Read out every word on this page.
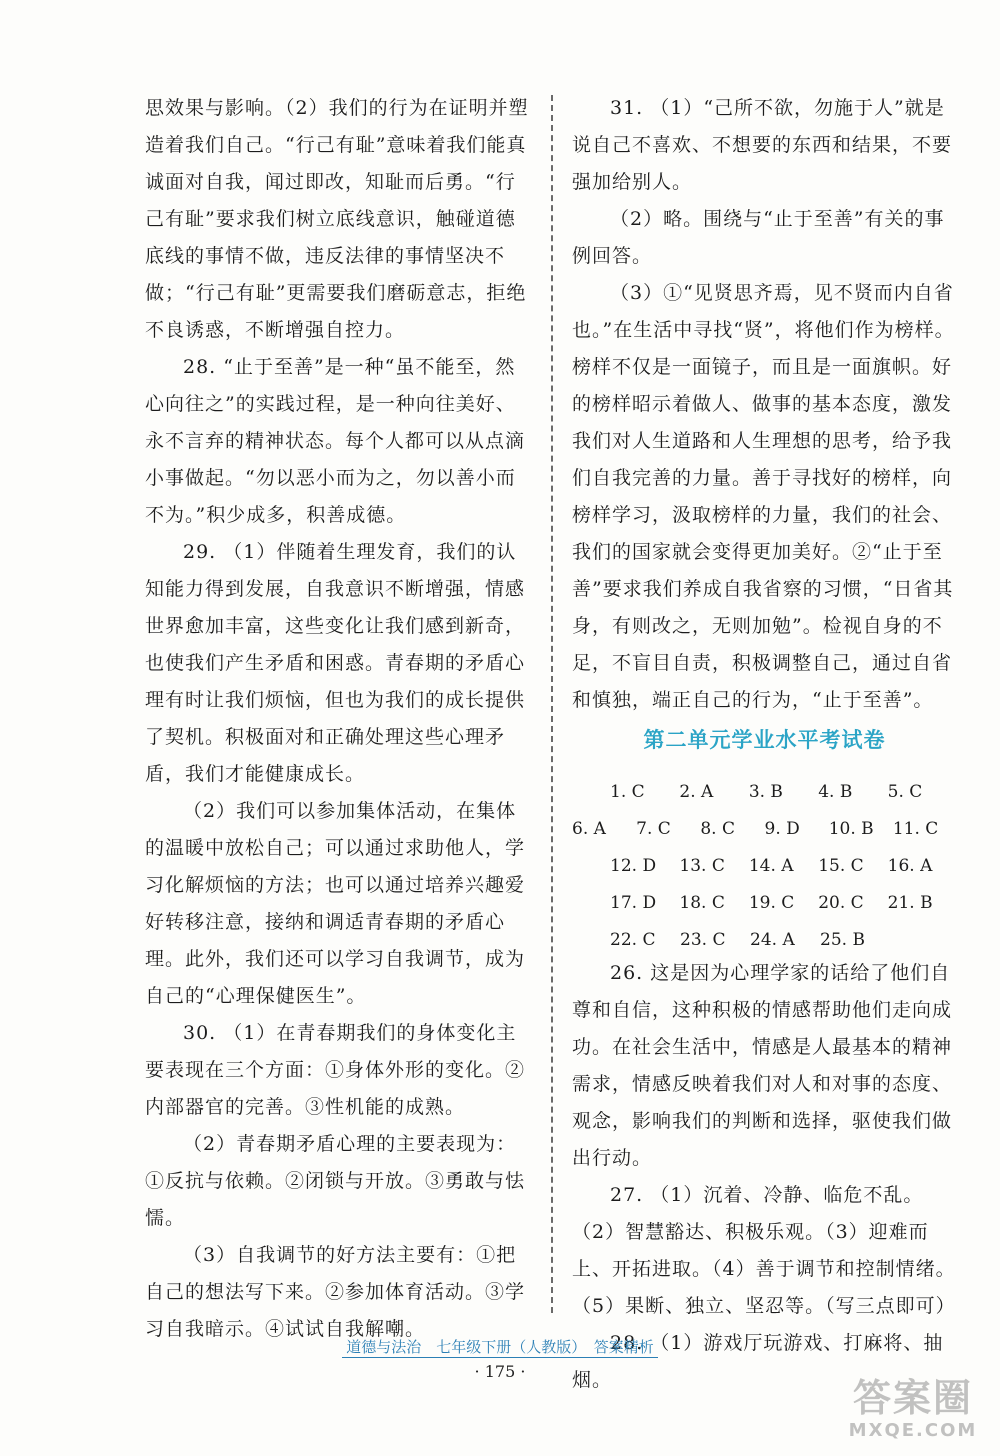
思效果与影响。（2）我们的行为在证明并塑造着我们自己。“行己有耻”意味着我们能真诚面对自我，闻过即改，知耻而后勇。“行己有耻”要求我们树立底线意识，触碰道德底线的事情不做，违反法律的事情坚决不做；“行己有耻”更需要我们磨砺意志，拒绝不良诱惑，不断增强自控力。

28. “止于至善”是一种“虽不能至，然心向往之”的实践过程，是一种向往美好、永不言弃的精神状态。每个人都可以从点滴小事做起。“勿以恶小而为之，勿以善小而不为。”积少成多，积善成德。

29. （1）伴随着生理发育，我们的认知能力得到发展，自我意识不断增强，情感世界愈加丰富，这些变化让我们感到新奇，也使我们产生矛盾和困惑。青春期的矛盾心理有时让我们烦恼，但也为我们的成长提供了契机。积极面对和正确处理这些心理矛盾，我们才能健康成长。

（2）我们可以参加集体活动，在集体的温暖中放松自己；可以通过求助他人，学习化解烦恼的方法；也可以通过培养兴趣爱好转移注意，接纳和调适青春期的矛盾心理。此外，我们还可以学习自我调节，成为自己的“心理保健医生”。

30. （1）在青春期我们的身体变化主要表现在三个方面：①身体外形的变化。②内部器官的完善。③性机能的成熟。

（2）青春期矛盾心理的主要表现为：①反抗与依赖。②闭锁与开放。③勇敢与怯懦。

（3）自我调节的好方法主要有：①把自己的想法写下来。②参加体育活动。③学习自我暗示。④试试自我解嘲。

31. （1）“己所不欲，勿施于人”就是说自己不喜欢、不想要的东西和结果，不要强加给别人。

（2）略。围绕与“止于至善”有关的事例回答。

（3）①“见贤思齐焉，见不贤而内自省也。”在生活中寻找“贤”，将他们作为榜样。榜样不仅是一面镜子，而且是一面旗帜。好的榜样昭示着做人、做事的基本态度，激发我们对人生道路和人生理想的思考，给予我们自我完善的力量。善于寻找好的榜样，向榜样学习，汲取榜样的力量，我们的社会、我们的国家就会变得更加美好。②“止于至善”要求我们养成自我省察的习惯，“日省其身，有则改之，无则加勉”。检视自身的不足，不盲目自责，积极调整自己，通过自省和慎独，端正自己的行为，“止于至善”。

第二单元学业水平考试卷
1. C	2. A	3. B	4. B	5. C
6. A	7. C	8. C	9. D	10. B	11. C
12. D	13. C	14. A	15. C	16. A
17. D	18. C	19. C	20. C	21. B
22. C	23. C	24. A	25. B

26. 这是因为心理学家的话给了他们自尊和自信，这种积极的情感帮助他们走向成功。在社会生活中，情感是人最基本的精神需求，情感反映着我们对人和对事的态度、观念，影响我们的判断和选择，驱使我们做出行动。

27. （1）沉着、冷静、临危不乱。（2）智慧豁达、积极乐观。（3）迎难而上、开拓进取。（4）善于调节和控制情绪。（5）果断、独立、坚忍等。（写三点即可）

28. （1）游戏厅玩游戏、打麻将、抽烟。

道德与法治　七年级下册（人教版）　答案精析
· 175 ·
答案圈
MXQE.COM
